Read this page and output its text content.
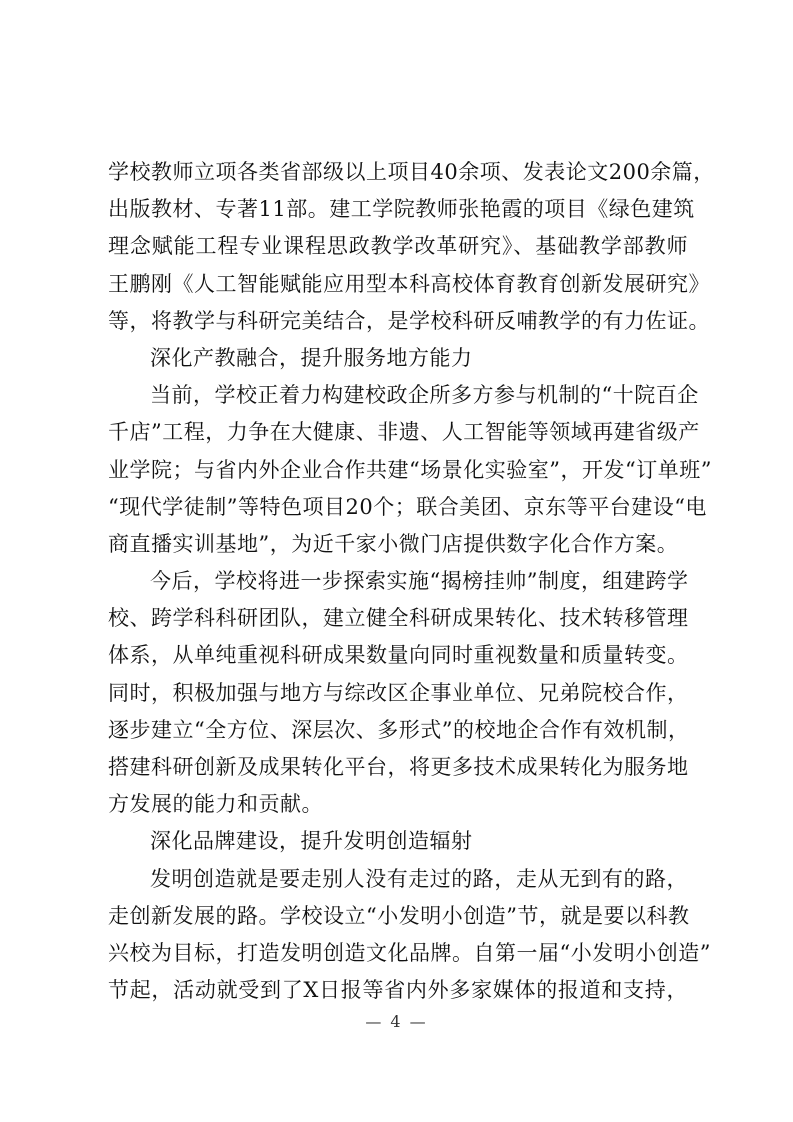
学校教师立项各类省部级以上项目40余项、发表论文200余篇，
出版教材、专著11部。建工学院教师张艳霞的项目《绿色建筑
理念赋能工程专业课程思政教学改革研究》、基础教学部教师
王鹏刚《人工智能赋能应用型本科高校体育教育创新发展研究》
等，将教学与科研完美结合，是学校科研反哺教学的有力佐证。
深化产教融合，提升服务地方能力
当前，学校正着力构建校政企所多方参与机制的“十院百企
千店”工程，力争在大健康、非遗、人工智能等领域再建省级产
业学院；与省内外企业合作共建“场景化实验室”，开发“订单班”
“现代学徒制”等特色项目20个；联合美团、京东等平台建设“电
商直播实训基地”，为近千家小微门店提供数字化合作方案。
今后，学校将进一步探索实施“揭榜挂帅”制度，组建跨学
校、跨学科科研团队，建立健全科研成果转化、技术转移管理
体系，从单纯重视科研成果数量向同时重视数量和质量转变。
同时，积极加强与地方与综改区企事业单位、兄弟院校合作，
逐步建立“全方位、深层次、多形式”的校地企合作有效机制，
搭建科研创新及成果转化平台，将更多技术成果转化为服务地
方发展的能力和贡献。
深化品牌建设，提升发明创造辐射
发明创造就是要走别人没有走过的路，走从无到有的路，
走创新发展的路。学校设立“小发明小创造”节，就是要以科教
兴校为目标，打造发明创造文化品牌。自第一届“小发明小创造”
节起，活动就受到了X日报等省内外多家媒体的报道和支持，
— 4 —
